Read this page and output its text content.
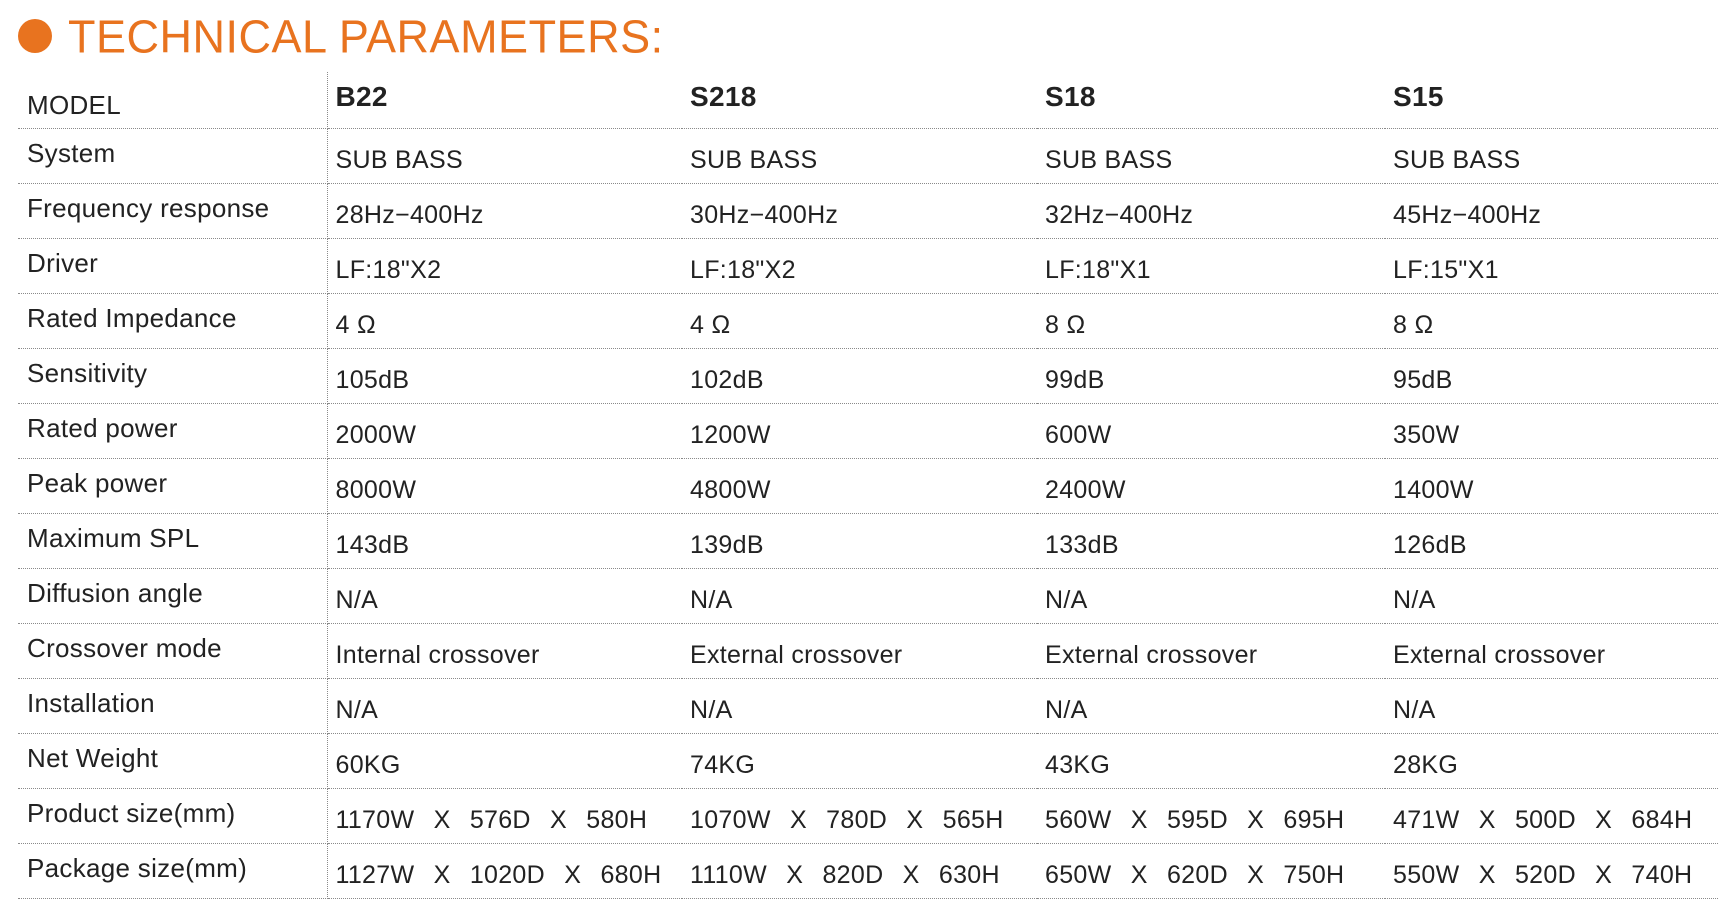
TECHNICAL PARAMETERS:
MODEL	B22	S218	S18	S15
System	SUB BASS	SUB BASS	SUB BASS	SUB BASS
Frequency response	28Hz−400Hz	30Hz−400Hz	32Hz−400Hz	45Hz−400Hz
Driver	LF:18"X2	LF:18"X2	LF:18"X1	LF:15"X1
Rated Impedance	4 Ω	4 Ω	8 Ω	8 Ω
Sensitivity	105dB	102dB	99dB	95dB
Rated power	2000W	1200W	600W	350W
Peak power	8000W	4800W	2400W	1400W
Maximum SPL	143dB	139dB	133dB	126dB
Diffusion angle	N/A	N/A	N/A	N/A
Crossover mode	Internal crossover	External crossover	External crossover	External crossover
Installation	N/A	N/A	N/A	N/A
Net Weight	60KG	74KG	43KG	28KG
Product size(mm)	1170W X 576D X 580H	1070W X 780D X 565H	560W X 595D X 695H	471W X 500D X 684H
Package size(mm)	1127W X 1020D X 680H	1110W X 820D X 630H	650W X 620D X 750H	550W X 520D X 740H
